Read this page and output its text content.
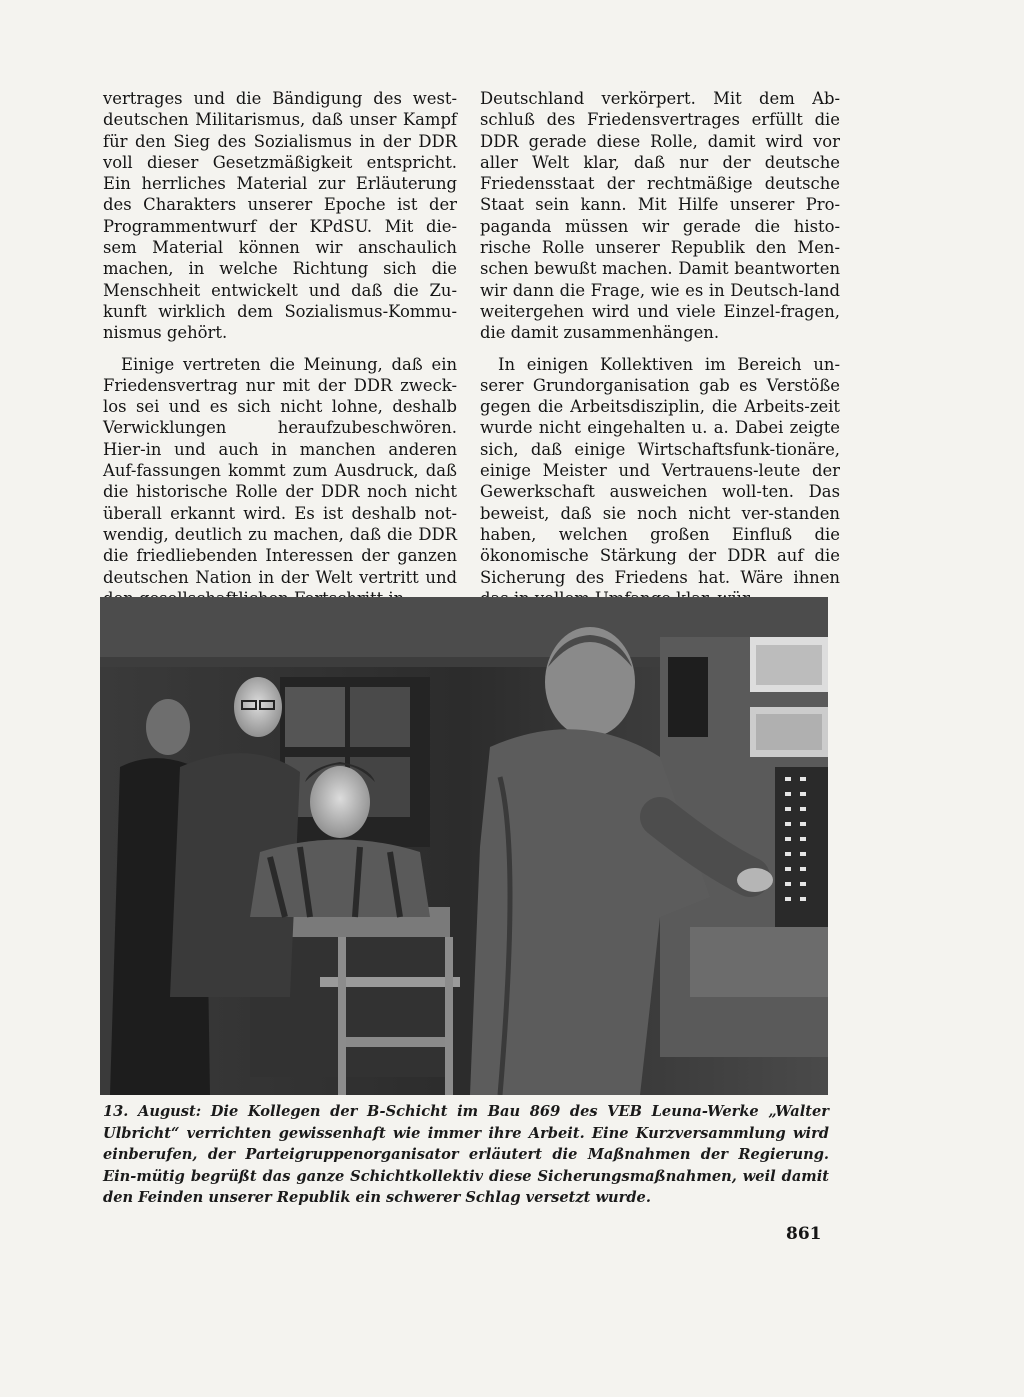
vertrages und die Bändigung des west-deutschen Militarismus, daß unser Kampf für den Sieg des Sozialismus in der DDR voll dieser Gesetzmäßigkeit entspricht. Ein herrliches Material zur Erläuterung des Charakters unserer Epoche ist der Programmentwurf der KPdSU. Mit die-sem Material können wir anschaulich machen, in welche Richtung sich die Menschheit entwickelt und daß die Zu-kunft wirklich dem Sozialismus-Kommu-nismus gehört.

Einige vertreten die Meinung, daß ein Friedensvertrag nur mit der DDR zweck-los sei und es sich nicht lohne, deshalb Verwicklungen heraufzubeschwören. Hier-in und auch in manchen anderen Auf-fassungen kommt zum Ausdruck, daß die historische Rolle der DDR noch nicht überall erkannt wird. Es ist deshalb not-wendig, deutlich zu machen, daß die DDR die friedliebenden Interessen der ganzen deutschen Nation in der Welt vertritt und

Deutschland verkörpert. Mit dem Ab-schluß des Friedensvertrages erfüllt die DDR gerade diese Rolle, damit wird vor aller Welt klar, daß nur der deutsche Friedensstaat der rechtmäßige deutsche Staat sein kann. Mit Hilfe unserer Pro-paganda müssen wir gerade die histo-rische Rolle unserer Republik den Men-schen bewußt machen. Damit beantworten wir dann die Frage, wie es in Deutsch-land weitergehen wird und viele Einzel-fragen, die damit zusammenhängen.

In einigen Kollektiven im Bereich un-serer Grundorganisation gab es Verstöße gegen die Arbeitsdisziplin, die Arbeits-zeit wurde nicht eingehalten u. a. Dabei zeigte sich, daß einige Wirtschaftsfunk-tionäre, einige Meister und Vertrauens-leute der Gewerkschaft ausweichen woll-ten. Das beweist, daß sie noch nicht ver-standen haben, welchen großen Einfluß die ökonomische Stärkung der DDR auf die Sicherung des Friedens hat. Wäre ihnen

13. August: Die Kollegen der B-Schicht im Bau 869 des VEB Leuna-Werke „Walter Ulbricht“ verrichten gewissenhaft wie immer ihre Arbeit. Eine Kurzversammlung wird einberufen, der Parteigruppenorganisator erläutert die Maßnahmen der Regierung. Ein-mütig begrüßt das ganze Schichtkollektiv diese Sicherungsmaßnahmen, weil damit den Feinden unserer Republik ein schwerer Schlag versetzt wurde.
861
